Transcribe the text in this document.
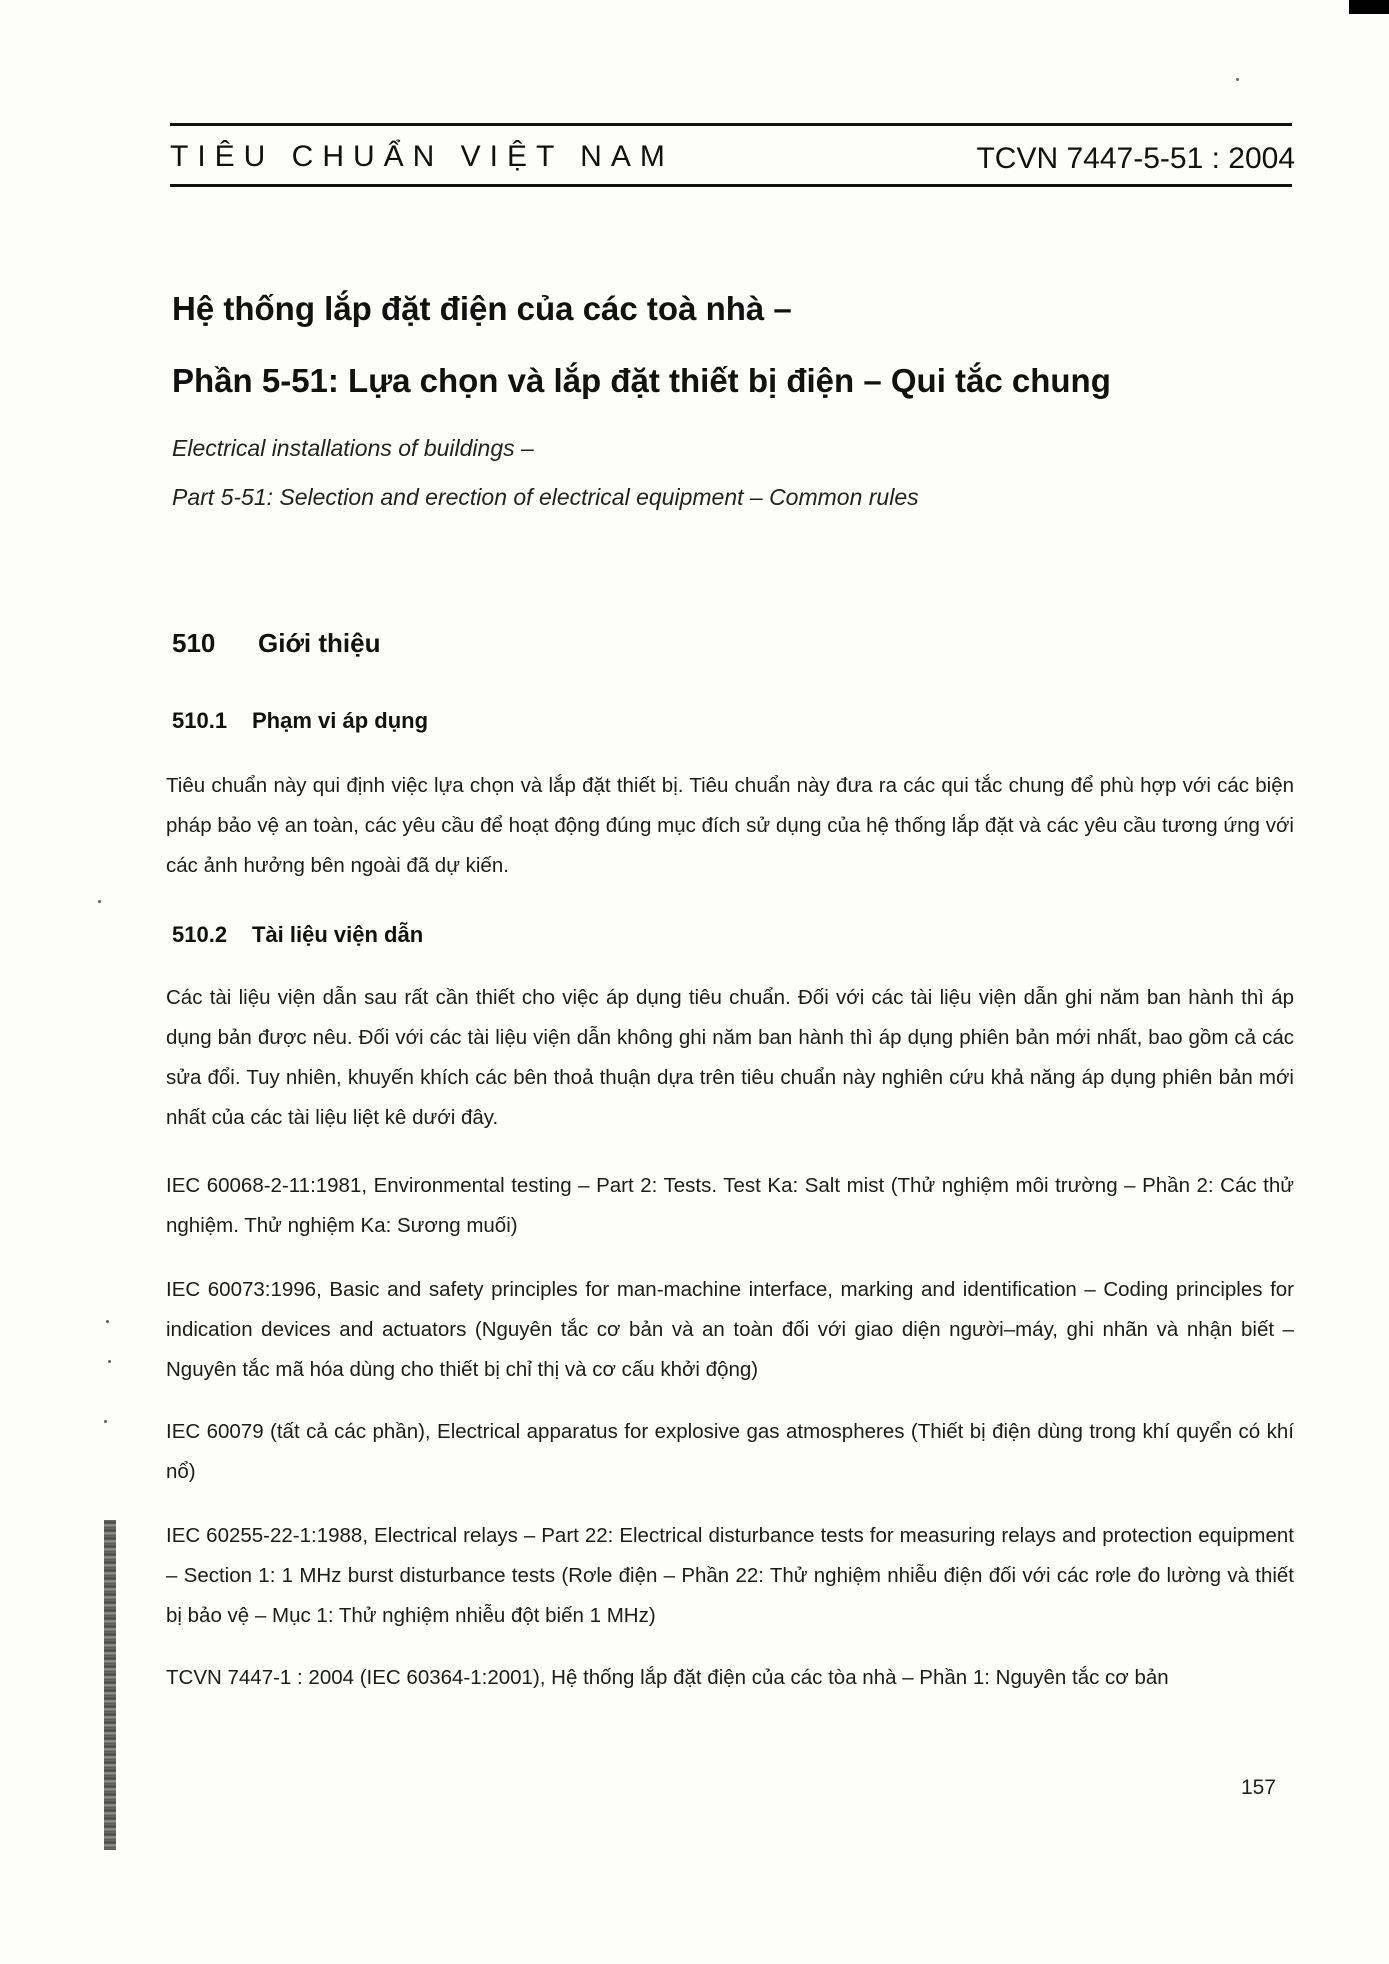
TIÊU CHUẨN VIỆT NAM	TCVN 7447-5-51 : 2004
Hệ thống lắp đặt điện của các toà nhà –
Phần 5-51: Lựa chọn và lắp đặt thiết bị điện – Qui tắc chung
Electrical installations of buildings –
Part 5-51: Selection and erection of electrical equipment – Common rules
510 Giới thiệu
510.1 Phạm vi áp dụng
Tiêu chuẩn này qui định việc lựa chọn và lắp đặt thiết bị. Tiêu chuẩn này đưa ra các qui tắc chung để phù hợp với các biện pháp bảo vệ an toàn, các yêu cầu để hoạt động đúng mục đích sử dụng của hệ thống lắp đặt và các yêu cầu tương ứng với các ảnh hưởng bên ngoài đã dự kiến.
510.2 Tài liệu viện dẫn
Các tài liệu viện dẫn sau rất cần thiết cho việc áp dụng tiêu chuẩn. Đối với các tài liệu viện dẫn ghi năm ban hành thì áp dụng bản được nêu. Đối với các tài liệu viện dẫn không ghi năm ban hành thì áp dụng phiên bản mới nhất, bao gồm cả các sửa đổi. Tuy nhiên, khuyến khích các bên thoả thuận dựa trên tiêu chuẩn này nghiên cứu khả năng áp dụng phiên bản mới nhất của các tài liệu liệt kê dưới đây.
IEC 60068-2-11:1981, Environmental testing – Part 2: Tests. Test Ka: Salt mist (Thử nghiệm môi trường – Phần 2: Các thử nghiệm. Thử nghiệm Ka: Sương muối)
IEC 60073:1996, Basic and safety principles for man-machine interface, marking and identification – Coding principles for indication devices and actuators (Nguyên tắc cơ bản và an toàn đối với giao diện người–máy, ghi nhãn và nhận biết – Nguyên tắc mã hóa dùng cho thiết bị chỉ thị và cơ cấu khởi động)
IEC 60079 (tất cả các phần), Electrical apparatus for explosive gas atmospheres (Thiết bị điện dùng trong khí quyển có khí nổ)
IEC 60255-22-1:1988, Electrical relays – Part 22: Electrical disturbance tests for measuring relays and protection equipment – Section 1: 1 MHz burst disturbance tests (Rơle điện – Phần 22: Thử nghiệm nhiễu điện đối với các rơle đo lường và thiết bị bảo vệ – Mục 1: Thử nghiệm nhiễu đột biến 1 MHz)
TCVN 7447-1 : 2004 (IEC 60364-1:2001), Hệ thống lắp đặt điện của các tòa nhà – Phần 1: Nguyên tắc cơ bản
157
